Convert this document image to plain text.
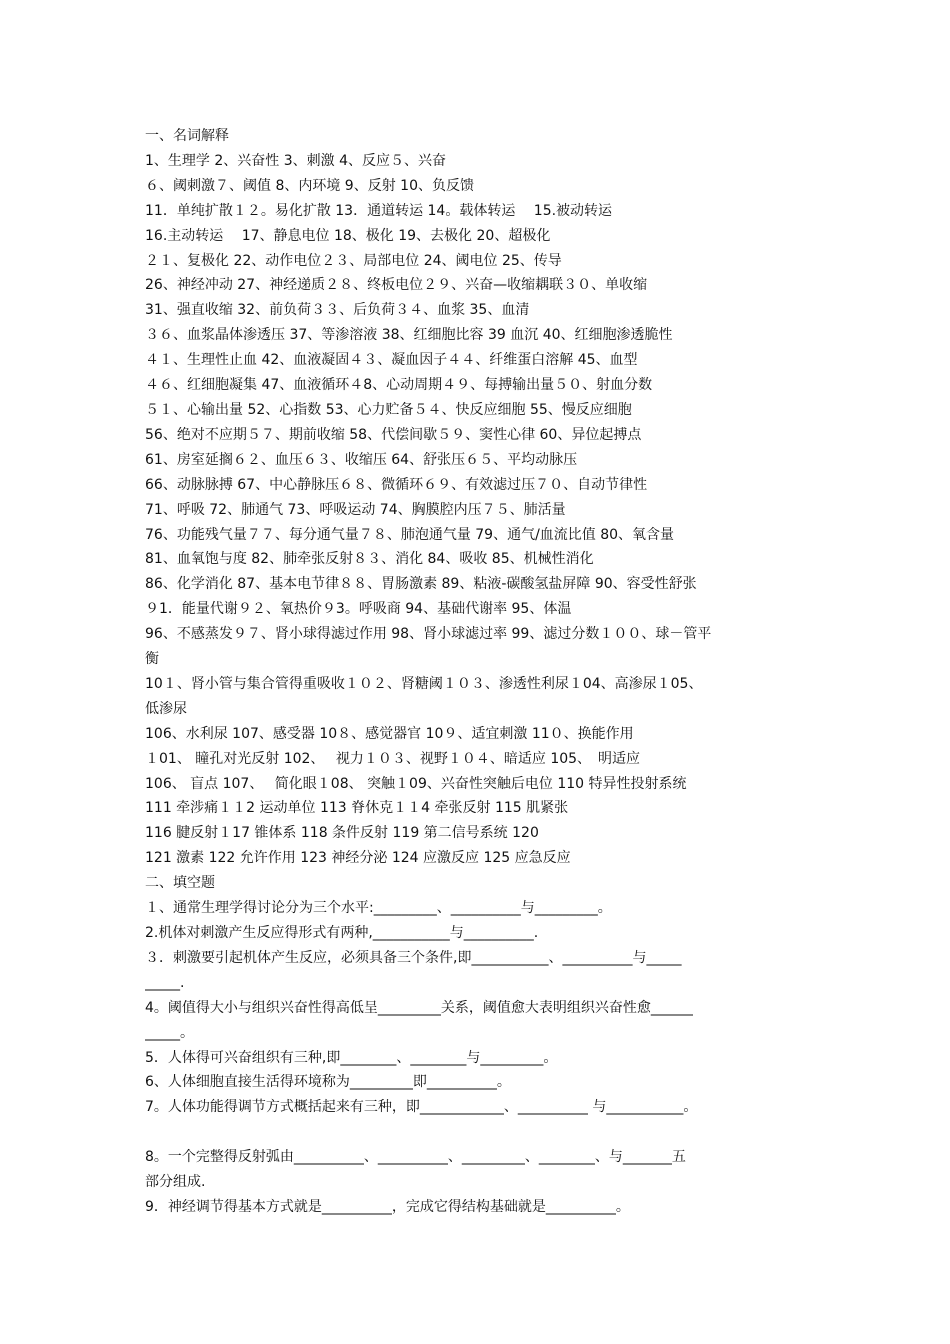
一、名词解释
1、生理学 2、兴奋性 3、刺激 4、反应５、兴奋
６、阈刺激７、阈值 8、内环境 9、反射 10、负反馈
11．单纯扩散１２。易化扩散 13．通道转运 14。载体转运　 15.被动转运
16.主动转运　 17、静息电位 18、极化 19、去极化 20、超极化
２１、复极化 22、动作电位２３、局部电位 24、阈电位 25、传导
26、神经冲动 27、神经递质２８、终板电位２９、兴奋—收缩耦联３０、单收缩
31、强直收缩 32、前负荷３３、后负荷３４、血浆 35、血清
３６、血浆晶体渗透压 37、等渗溶液 38、红细胞比容 39 血沉 40、红细胞渗透脆性
４１、生理性止血 42、血液凝固４３、凝血因子４４、纤维蛋白溶解 45、血型
４６、红细胞凝集 47、血液循环４8、心动周期４９、每搏输出量５０、射血分数
５１、心输出量 52、心指数 53、心力贮备５４、快反应细胞 55、慢反应细胞
56、绝对不应期５７、期前收缩 58、代偿间歇５９、窦性心律 60、异位起搏点
61、房室延搁６２、血压６３、收缩压 64、舒张压６５、平均动脉压
66、动脉脉搏 67、中心静脉压６８、微循环６９、有效滤过压７０、自动节律性
71、呼吸 72、肺通气 73、呼吸运动 74、胸膜腔内压７５、肺活量
76、功能残气量７７、每分通气量７８、肺泡通气量 79、通气/血流比值 80、氧含量
81、血氧饱与度 82、肺牵张反射８３、消化 84、吸收 85、机械性消化
86、化学消化 87、基本电节律８８、胃肠激素 89、粘液-碳酸氢盐屏障 90、容受性舒张
９1．能量代谢９２、氧热价９3。呼吸商 94、基础代谢率 95、体温
96、不感蒸发９７、肾小球得滤过作用 98、肾小球滤过率 99、滤过分数１００、球－管平
衡
10１、肾小管与集合管得重吸收１０２、肾糖阈１０３、渗透性利尿１04、高渗尿１05、
低渗尿
106、水利尿 107、感受器 10８、感觉器官 10９、适宜刺激 11０、换能作用
１01、 瞳孔对光反射 102、　 视力１０３、视野１０４、暗适应 105、　明适应
106、 盲点 107、　 简化眼１08、 突触１09、兴奋性突触后电位 110 特异性投射系统
111 牵涉痛１１2 运动单位 113 脊休克１１4 牵张反射 115 肌紧张
116 腱反射１17 锥体系 118 条件反射 119 第二信号系统 120
121 激素 122 允许作用 123 神经分泌 124 应激反应 125 应急反应
二、填空题
１、通常生理学得讨论分为三个水平:_________、__________与_________。
2.机体对刺激产生反应得形式有两种,___________与__________.
３．刺激要引起机体产生反应，必须具备三个条件,即___________、__________与_____
_____.
4。阈值得大小与组织兴奋性得高低呈_________关系，阈值愈大表明组织兴奋性愈______
_____。
5．人体得可兴奋组织有三种,即________、________与_________。
6、人体细胞直接生活得环境称为_________即__________。
7。人体功能得调节方式概括起来有三种，即____________、__________ 与___________。
8。一个完整得反射弧由__________、__________、_________、________、与_______五
部分组成.
9．神经调节得基本方式就是__________，完成它得结构基础就是__________。
